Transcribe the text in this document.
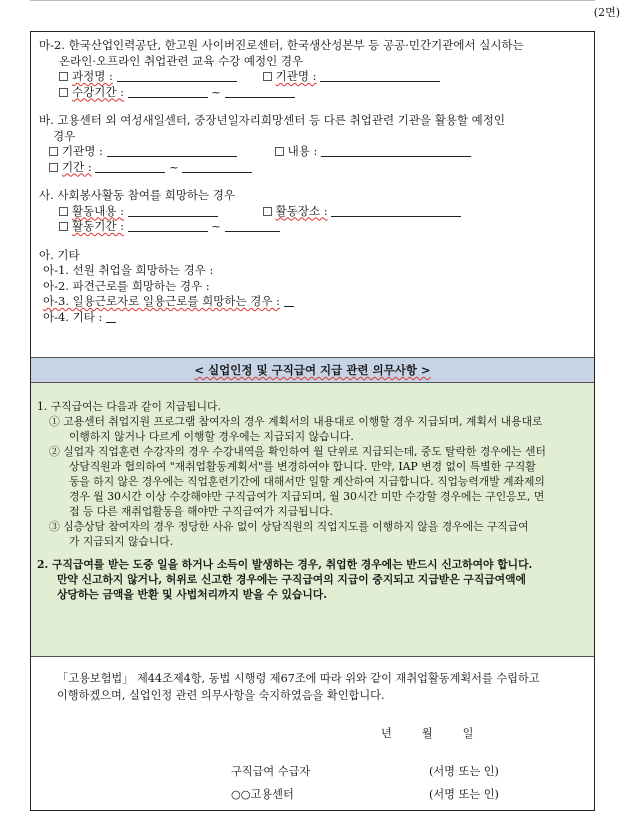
(2면)
마-2. 한국산업인력공단, 한고원 사이버진로센터, 한국생산성본부 등 공공·민간기관에서 실시하는
온라인·오프라인 취업관련 교육 수강 예정인 경우
과정명 :	기관명 :
수강기간 :	~
바. 고용센터 외 여성새일센터, 중장년일자리희망센터 등 다른 취업관련 기관을 활용할 예정인
경우
기관명 :	내용 :
기간 :	~
사. 사회봉사활동 참여를 희망하는 경우
활동내용 :	활동장소 :
활동기간 :	~
아. 기타
아-1. 선원 취업을 희망하는 경우 :
아-2. 파견근로를 희망하는 경우 :
아-3. 일용근로자로 일용근로를 희망하는 경우 :
아-4. 기타 :
< 실업인정 및 구직급여 지급 관련 의무사항 >
1. 구직급여는 다음과 같이 지급됩니다.
① 고용센터 취업지원 프로그램 참여자의 경우 계획서의 내용대로 이행할 경우 지급되며, 계획서 내용대로
이행하지 않거나 다르게 이행할 경우에는 지급되지 않습니다.
② 실업자 직업훈련 수강자의 경우 수강내역을 확인하여 월 단위로 지급되는데, 중도 탈락한 경우에는 센터
상담직원과 협의하여 "재취업활동계획서"를 변경하여야 합니다. 만약, IAP 변경 없이 특별한 구직활
동을 하지 않은 경우에는 직업훈련기간에 대해서만 일할 계산하여 지급합니다. 직업능력개발 계좌제의
경우 월 30시간 이상 수강해야만 구직급여가 지급되며, 월 30시간 미만 수강할 경우에는 구인응모, 면
접 등 다른 재취업활동을 해야만 구직급여가 지급됩니다.
③ 심층상담 참여자의 경우 정당한 사유 없이 상담직원의 직업지도를 이행하지 않을 경우에는 구직급여
가 지급되지 않습니다.
2. 구직급여를 받는 도중 일을 하거나 소득이 발생하는 경우, 취업한 경우에는 반드시 신고하여야 합니다.
만약 신고하지 않거나, 허위로 신고한 경우에는 구직급여의 지급이 중지되고 지급받은 구직급여액에
상당하는 금액을 반환 및 사법처리까지 받을 수 있습니다.
「고용보험법」 제44조제4항, 동법 시행령 제67조에 따라 위와 같이 재취업활동계획서를 수립하고
이행하겠으며, 실업인정 관련 의무사항을 숙지하였음을 확인합니다.
년	월	일
구직급여 수급자	(서명 또는 인)
○○고용센터	(서명 또는 인)
